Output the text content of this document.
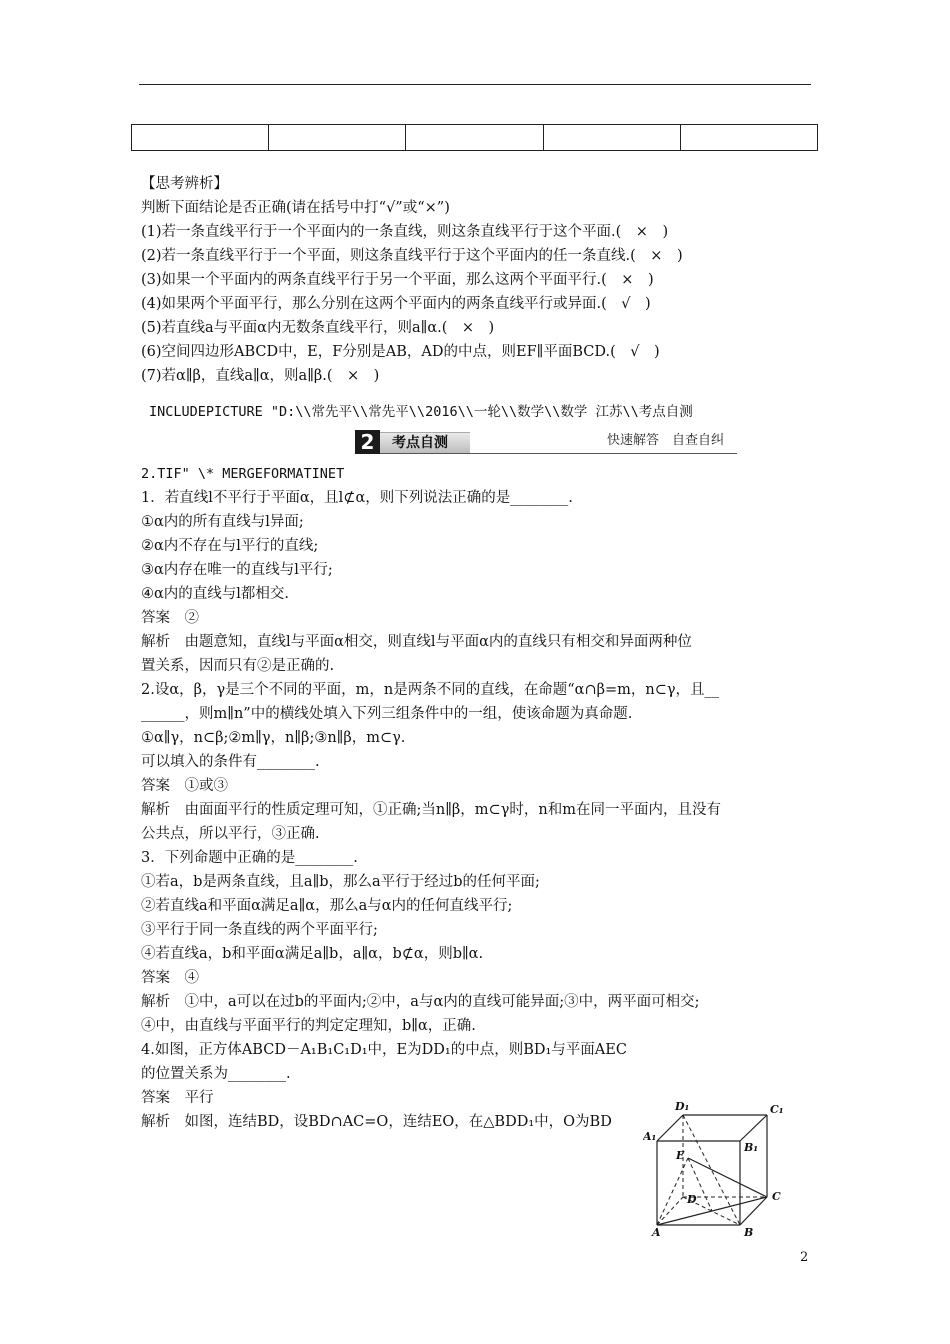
【思考辨析】
判断下面结论是否正确(请在括号中打“√”或“×”)
(1)若一条直线平行于一个平面内的一条直线，则这条直线平行于这个平面.(　×　)
(2)若一条直线平行于一个平面，则这条直线平行于这个平面内的任一条直线.(　×　)
(3)如果一个平面内的两条直线平行于另一个平面，那么这两个平面平行.(　×　)
(4)如果两个平面平行，那么分别在这两个平面内的两条直线平行或异面.(　√　)
(5)若直线a与平面α内无数条直线平行，则a∥α.(　×　)
(6)空间四边形ABCD中，E，F分别是AB，AD的中点，则EF∥平面BCD.(　√　)
(7)若α∥β，直线a∥α，则a∥β.(　×　)
INCLUDEPICTURE "D:\\常先平\\常先平\\2016\\一轮\\数学\\数学 江苏\\考点自测
2	考点自测	快速解答　自查自纠
2.TIF" \* MERGEFORMATINET
1．若直线l不平行于平面α，且l⊄α，则下列说法正确的是________.
①α内的所有直线与l异面;
②α内不存在与l平行的直线;
③α内存在唯一的直线与l平行;
④α内的直线与l都相交.
答案　②
解析　由题意知，直线l与平面α相交，则直线l与平面α内的直线只有相交和异面两种位
置关系，因而只有②是正确的.
2.设α，β，γ是三个不同的平面，m，n是两条不同的直线，在命题“α∩β=m，n⊂γ，且__
______，则m∥n”中的横线处填入下列三组条件中的一组，使该命题为真命题.
①α∥γ，n⊂β;②m∥γ，n∥β;③n∥β，m⊂γ.
可以填入的条件有________.
答案　①或③
解析　由面面平行的性质定理可知，①正确;当n∥β，m⊂γ时，n和m在同一平面内，且没有
公共点，所以平行，③正确.
3．下列命题中正确的是________.
①若a，b是两条直线，且a∥b，那么a平行于经过b的任何平面;
②若直线a和平面α满足a∥α，那么a与α内的任何直线平行;
③平行于同一条直线的两个平面平行;
④若直线a，b和平面α满足a∥b，a∥α，b⊄α，则b∥α.
答案　④
解析　①中，a可以在过b的平面内;②中，a与α内的直线可能异面;③中，两平面可相交;
④中，由直线与平面平行的判定定理知，b∥α，正确.
4.如图，正方体ABCD－A₁B₁C₁D₁中，E为DD₁的中点，则BD₁与平面AEC
的位置关系为________.
答案　平行
解析　如图，连结BD，设BD∩AC=O，连结EO，在△BDD₁中，O为BD
D₁	C₁
A₁
B₁
E
D	C
A	B
2
